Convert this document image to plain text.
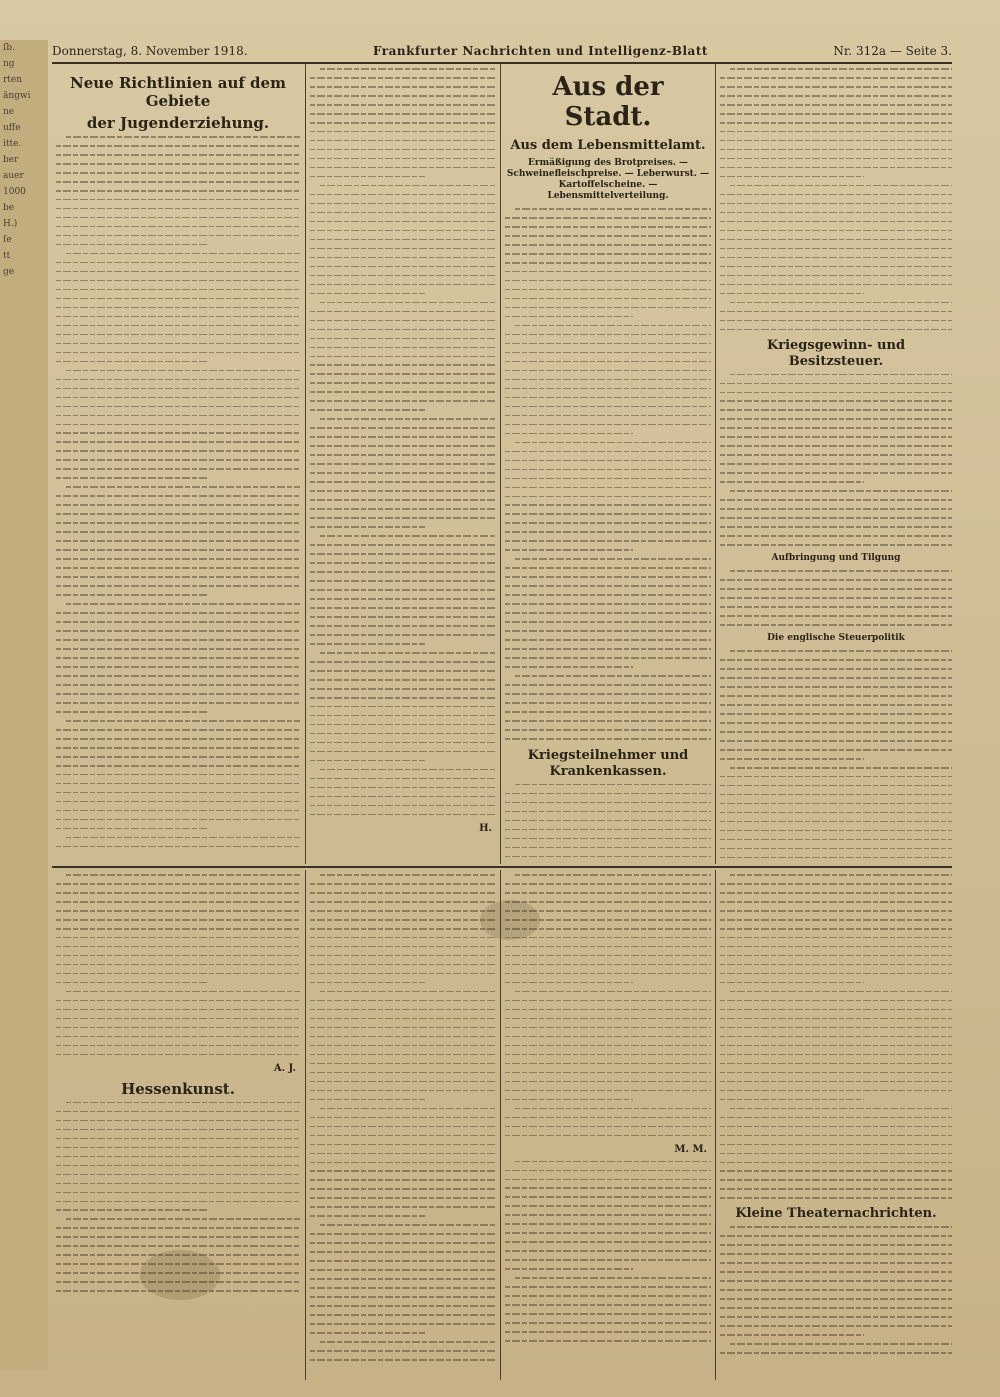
ſb.
ng
rten
ängwi
ne
uffe
itte.
ber
auer
1000
be
H.)
ſe
tt
ge
Donnerstag, 8. November 1918.	Frankfurter Nachrichten und Intelligenz-Blatt	Nr. 312a — Seite 3.
Neue Richtlinien auf dem Gebiete
der Jugenderziehung.
H.
Aus der Stadt.
Aus dem Lebensmittelamt.
Ermäßigung des Brotpreises. — Schweinefleischpreise. — Leberwurst. — Kartoffelscheine. — Lebensmittelverteilung.
Kriegsteilnehmer und Krankenkassen.
Kriegsgewinn- und Besitzsteuer.
Aufbringung und Tilgung
Die englische Steuerpolitik
A. J.
Hessenkunst.
M. M.
Kleine Theaternachrichten.
